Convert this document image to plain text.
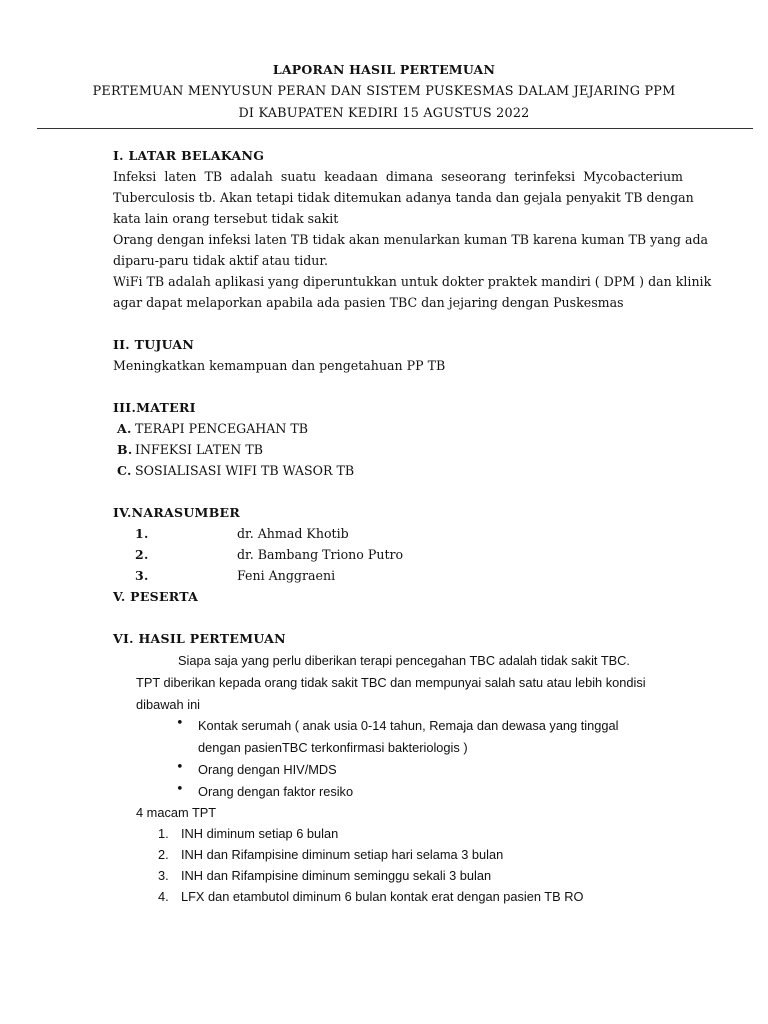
LAPORAN HASIL PERTEMUAN
PERTEMUAN MENYUSUN PERAN DAN SISTEM PUSKESMAS DALAM JEJARING PPM
DI KABUPATEN KEDIRI 15 AGUSTUS 2022
I. LATAR BELAKANG
Infeksi laten TB adalah suatu keadaan dimana seseorang terinfeksi Mycobacterium
Tuberculosis tb. Akan tetapi tidak ditemukan adanya tanda dan gejala penyakit TB dengan
kata lain orang tersebut tidak sakit
Orang dengan infeksi laten TB tidak akan menularkan kuman TB karena kuman TB yang ada
diparu-paru tidak aktif atau tidur.
WiFi TB adalah aplikasi yang diperuntukkan untuk dokter praktek mandiri ( DPM ) dan klinik
agar dapat melaporkan apabila ada pasien TBC dan jejaring dengan Puskesmas
II. TUJUAN
Meningkatkan kemampuan dan pengetahuan PP TB
III.MATERI
A. TERAPI PENCEGAHAN TB
B. INFEKSI LATEN TB
C. SOSIALISASI WIFI TB WASOR TB
IV.NARASUMBER
1.	dr. Ahmad Khotib
2.	dr. Bambang Triono Putro
3.	Feni Anggraeni
V. PESERTA
VI. HASIL PERTEMUAN
Siapa saja yang perlu diberikan terapi pencegahan TBC adalah tidak sakit TBC.
TPT diberikan kepada orang tidak sakit TBC dan mempunyai salah satu atau lebih kondisi
dibawah ini
• Kontak serumah ( anak usia 0-14 tahun, Remaja dan dewasa yang tinggal
dengan pasienTBC terkonfirmasi bakteriologis )
• Orang dengan HIV/MDS
• Orang dengan faktor resiko
4 macam TPT
1. INH diminum setiap 6 bulan
2. INH dan Rifampisine diminum setiap hari selama 3 bulan
3. INH dan Rifampisine diminum seminggu sekali 3 bulan
4. LFX dan etambutol diminum 6 bulan kontak erat dengan pasien TB RO
